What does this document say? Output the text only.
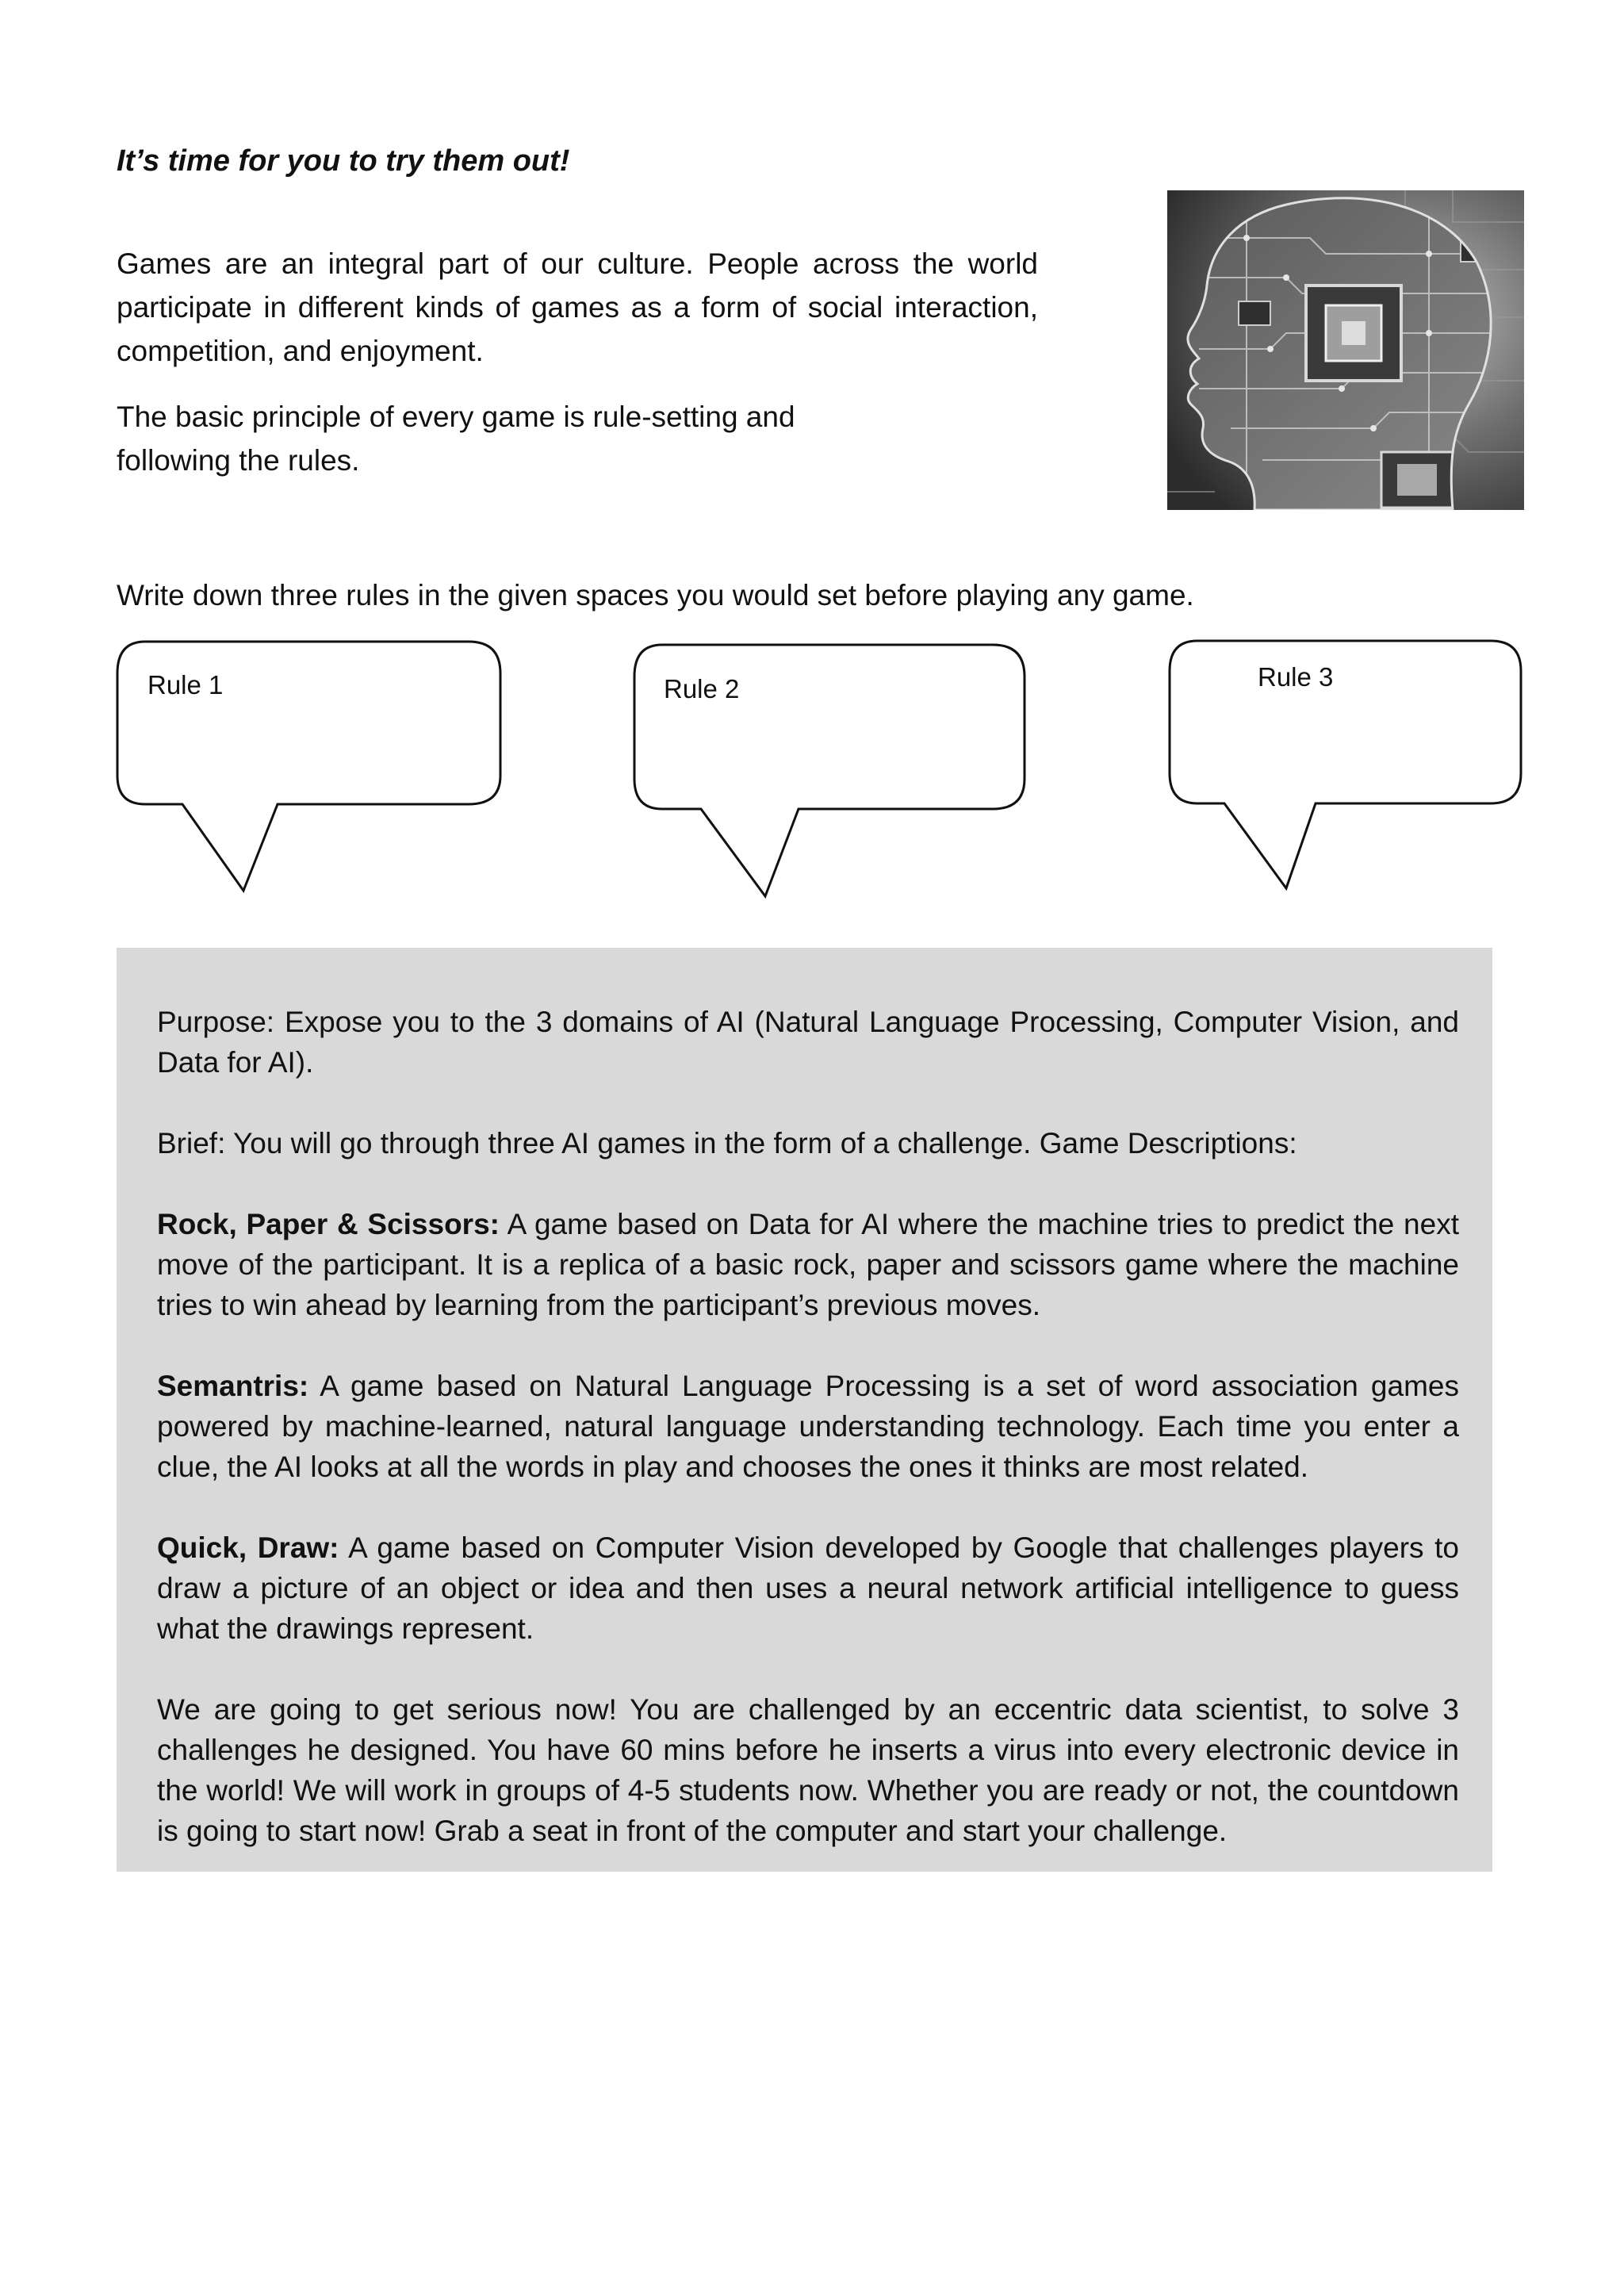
It’s time for you to try them out!

Games are an integral part of our culture. People across the world participate in different kinds of games as a form of social interaction, competition, and enjoyment.

The basic principle of every game is rule-setting and following the rules.

Write down three rules in the given spaces you would set before playing any game.
Rule 1	Rule 2	Rule 3

Purpose: Expose you to the 3 domains of AI (Natural Language Processing, Computer Vision, and Data for AI).

Brief: You will go through three AI games in the form of a challenge. Game Descriptions:

Rock, Paper & Scissors: A game based on Data for AI where the machine tries to predict the next move of the participant. It is a replica of a basic rock, paper and scissors game where the machine tries to win ahead by learning from the participant’s previous moves.

Semantris: A game based on Natural Language Processing is a set of word association games powered by machine-learned, natural language understanding technology. Each time you enter a clue, the AI looks at all the words in play and chooses the ones it thinks are most related.

Quick, Draw: A game based on Computer Vision developed by Google that challenges players to draw a picture of an object or idea and then uses a neural network artificial intelligence to guess what the drawings represent.

We are going to get serious now! You are challenged by an eccentric data scientist, to solve 3 challenges he designed. You have 60 mins before he inserts a virus into every electronic device in the world! We will work in groups of 4-5 students now. Whether you are ready or not, the countdown is going to start now! Grab a seat in front of the computer and start your challenge.
